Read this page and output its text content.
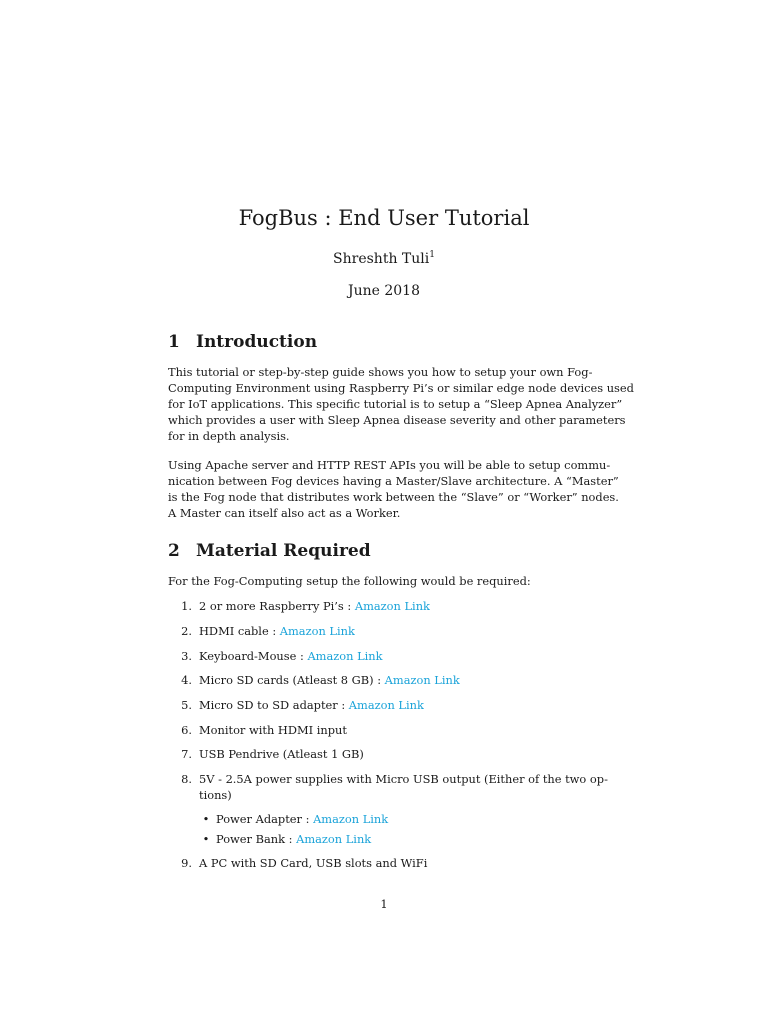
FogBus : End User Tutorial
Shreshth Tuli$^1$
June 2018
1 Introduction

This tutorial or step-by-step guide shows you how to setup your own Fog-
Computing Environment using Raspberry Pi’s or similar edge node devices used
for IoT applications. This specific tutorial is to setup a “Sleep Apnea Analyzer”
which provides a user with Sleep Apnea disease severity and other parameters
for in depth analysis.

Using Apache server and HTTP REST APIs you will be able to setup commu-
nication between Fog devices having a Master/Slave architecture. A “Master”
is the Fog node that distributes work between the “Slave” or “Worker” nodes.
A Master can itself also act as a Worker.

2 Material Required

For the Fog-Computing setup the following would be required:

1. 2 or more Raspberry Pi’s : Amazon Link
2. HDMI cable : Amazon Link
3. Keyboard-Mouse : Amazon Link
4. Micro SD cards (Atleast 8 GB) : Amazon Link
5. Micro SD to SD adapter : Amazon Link
6. Monitor with HDMI input
7. USB Pendrive (Atleast 1 GB)
8. 5V - 2.5A power supplies with Micro USB output (Either of the two op-
tions)
• Power Adapter : Amazon Link
• Power Bank : Amazon Link
9. A PC with SD Card, USB slots and WiFi
1
